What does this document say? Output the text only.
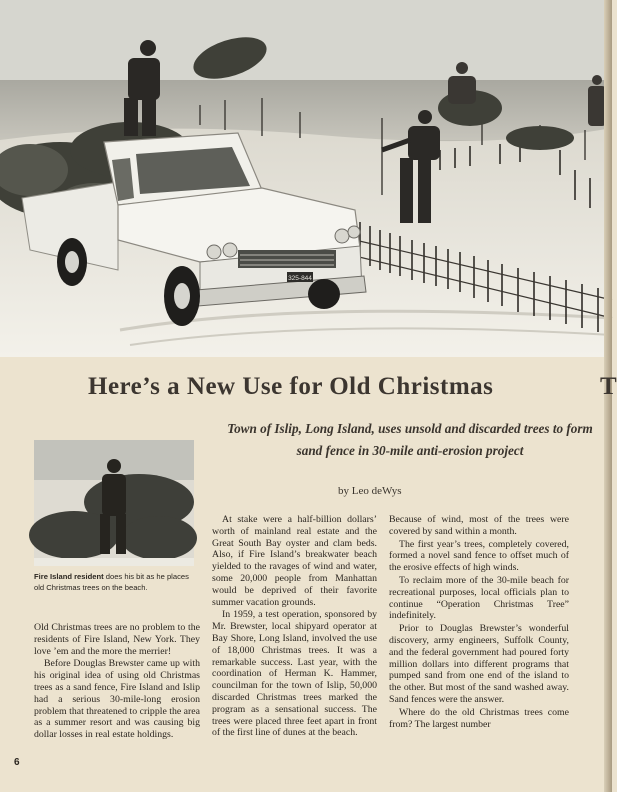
325-844
Here’s a New Use for Old Christmas	T
Town of Islip, Long Island, uses unsold and discarded trees to form sand fence in 30-mile anti-erosion project
by Leo deWys
Fire Island resident does his bit as he places old Christmas trees on the beach.

Old Christmas trees are no problem to the residents of Fire Island, New York. They love ’em and the more the merrier!

Before Douglas Brewster came up with his original idea of using old Christmas trees as a sand fence, Fire Island and Islip had a serious 30-mile-long erosion problem that threatened to cripple the area as a summer resort and was causing big dollar losses in real estate holdings.

At stake were a half-billion dollars’ worth of mainland real estate and the Great South Bay oyster and clam beds. Also, if Fire Island’s breakwater beach yielded to the ravages of wind and water, some 20,000 people from Manhattan would be deprived of their favorite summer vacation grounds.

In 1959, a test operation, sponsored by Mr. Brewster, local shipyard operator at Bay Shore, Long Island, involved the use of 18,000 Christmas trees. It was a remarkable success. Last year, with the coordination of Herman K. Hammer, councilman for the town of Islip, 50,000 discarded Christmas trees marked the program as a sensational success. The trees were placed three feet apart in front of the first line of dunes at the beach.

Because of wind, most of the trees were covered by sand within a month.

The first year’s trees, completely covered, formed a novel sand fence to offset much of the erosive effects of high winds.

To reclaim more of the 30-mile beach for recreational purposes, local officials plan to continue “Operation Christmas Tree” indefinitely.

Prior to Douglas Brewster’s wonderful discovery, army engineers, Suffolk County, and the federal government had poured forty million dollars into different programs that pumped sand from one end of the island to the other. But most of the sand washed away. Sand fences were the answer.

Where do the old Christmas trees come from? The largest number

6
